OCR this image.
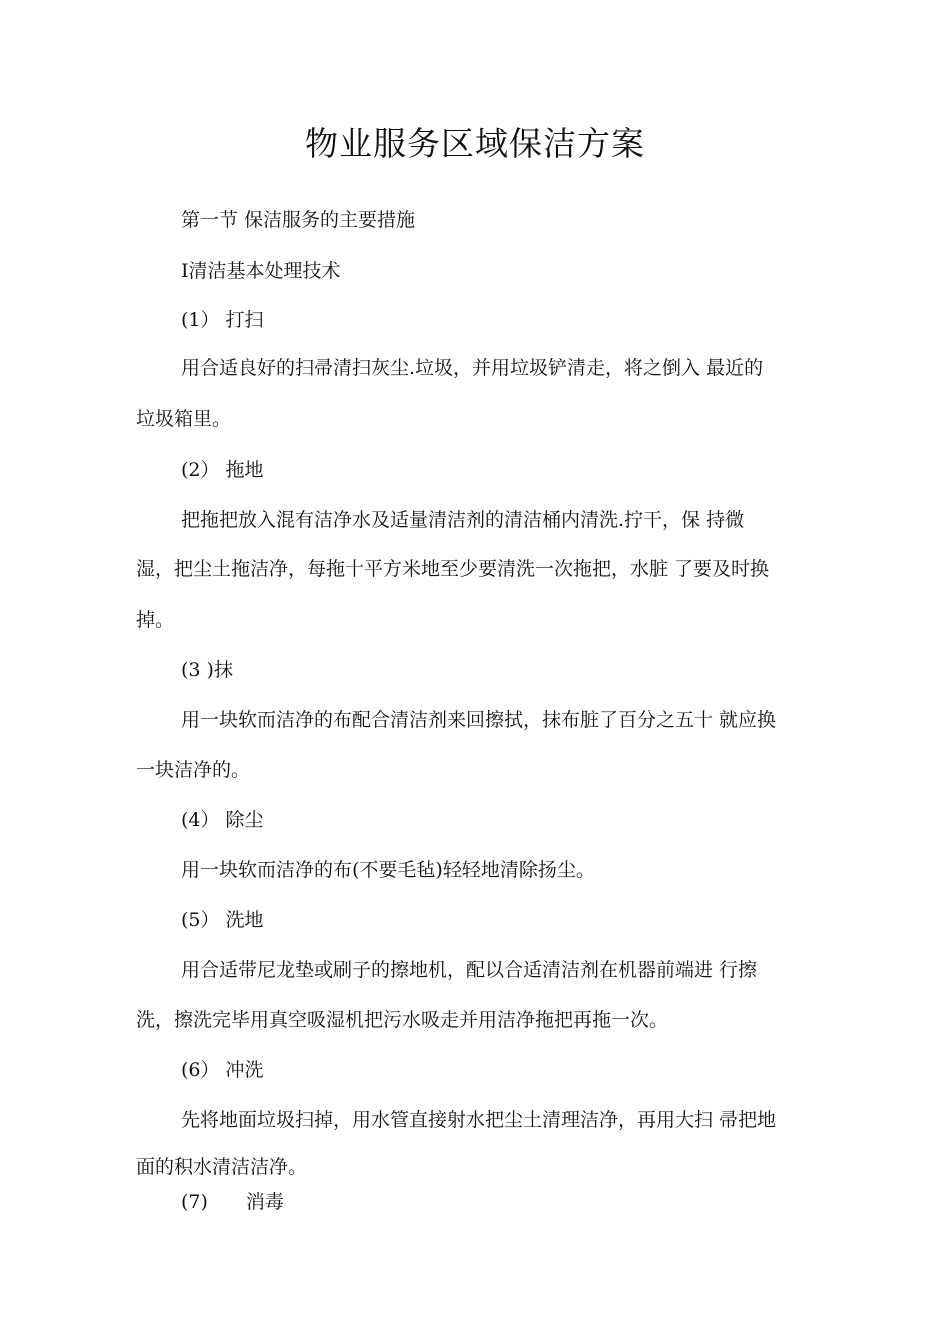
物业服务区域保洁方案
第一节 保洁服务的主要措施
I清洁基本处理技术
(1） 打扫
用合适良好的扫帚清扫灰尘.垃圾，并用垃圾铲清走，将之倒入 最近的
垃圾箱里。
(2） 拖地
把拖把放入混有洁净水及适量清洁剂的清洁桶内清洗.拧干，保 持微
湿，把尘土拖洁净，每拖十平方米地至少要清洗一次拖把，水脏 了要及时换
掉。
(3 )抹
用一块软而洁净的布配合清洁剂来回擦拭，抹布脏了百分之五十 就应换
一块洁净的。
(4） 除尘
用一块软而洁净的布(不要毛毡)轻轻地清除扬尘。
(5） 洗地
用合适带尼龙垫或刷子的擦地机，配以合适清洁剂在机器前端进 行擦
洗，擦洗完毕用真空吸湿机把污水吸走并用洁净拖把再拖一次。
(6） 冲洗
先将地面垃圾扫掉，用水管直接射水把尘土清理洁净，再用大扫 帚把地
面的积水清洁洁净。
(7)　　消毒
